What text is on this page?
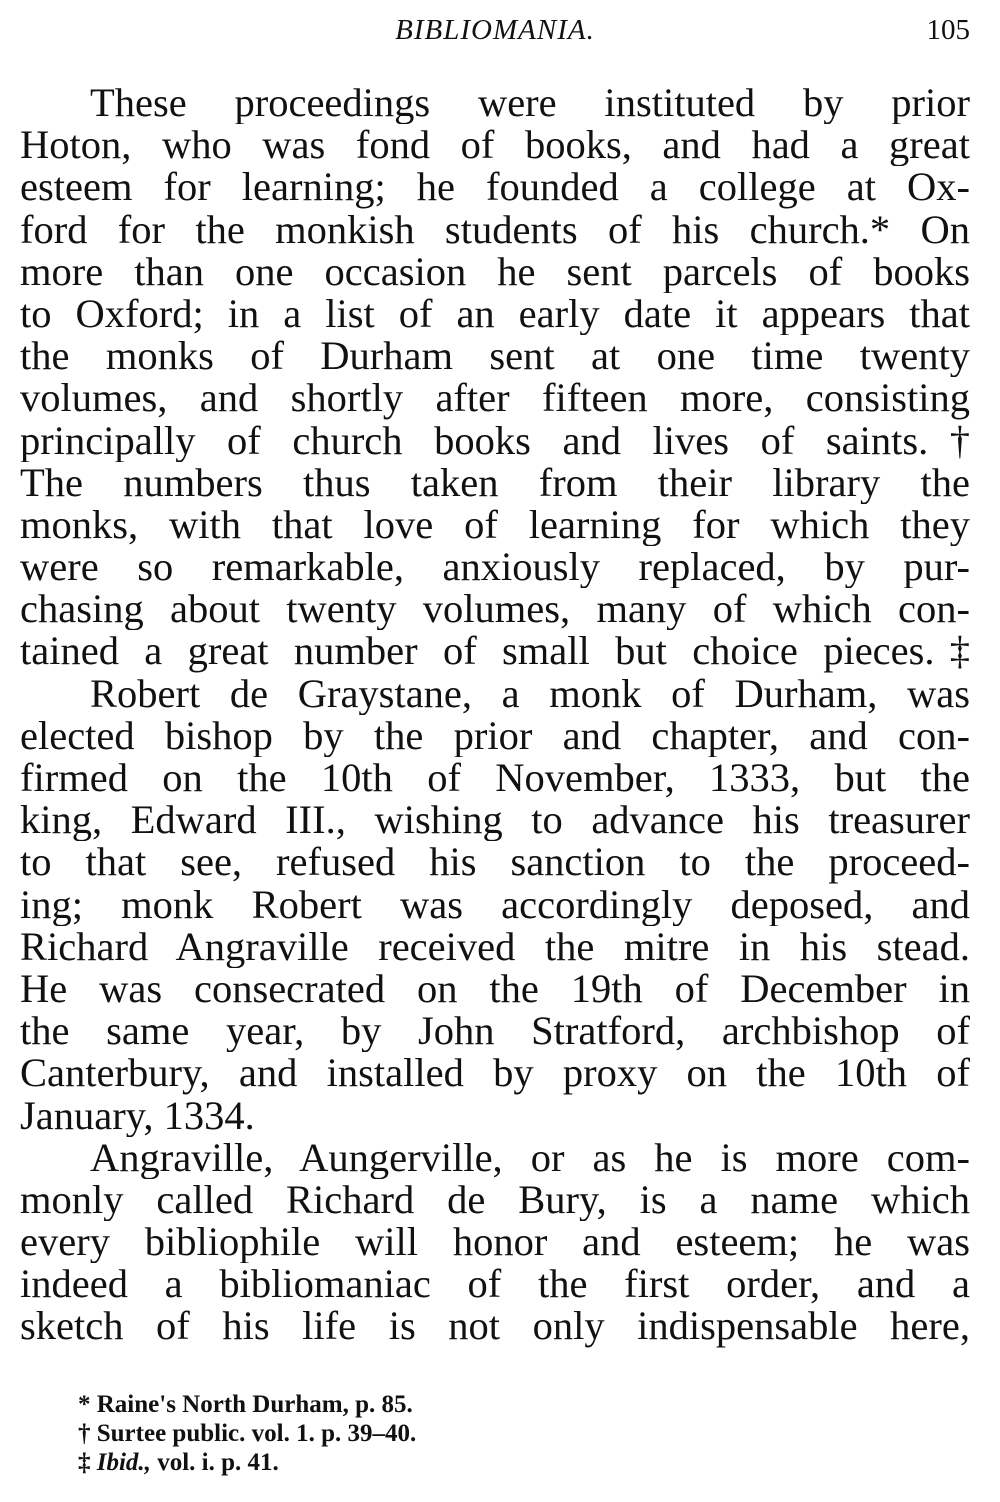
BIBLIOMANIA.	105
These proceedings were instituted by prior
Hoton, who was fond of books, and had a great
esteem for learning; he founded a college at Ox-
ford for the monkish students of his church.* On
more than one occasion he sent parcels of books
to Oxford; in a list of an early date it appears that
the monks of Durham sent at one time twenty
volumes, and shortly after fifteen more, consisting
principally of church books and lives of saints.†
The numbers thus taken from their library the
monks, with that love of learning for which they
were so remarkable, anxiously replaced, by pur-
chasing about twenty volumes, many of which con-
tained a great number of small but choice pieces.‡
Robert de Graystane, a monk of Durham, was
elected bishop by the prior and chapter, and con-
firmed on the 10th of November, 1333, but the
king, Edward III., wishing to advance his treasurer
to that see, refused his sanction to the proceed-
ing; monk Robert was accordingly deposed, and
Richard Angraville received the mitre in his stead.
He was consecrated on the 19th of December in
the same year, by John Stratford, archbishop of
Canterbury, and installed by proxy on the 10th of
January, 1334.
Angraville, Aungerville, or as he is more com-
monly called Richard de Bury, is a name which
every bibliophile will honor and esteem; he was
indeed a bibliomaniac of the first order, and a
sketch of his life is not only indispensable here,
* Raine's North Durham, p. 85.
† Surtee public. vol. 1. p. 39–40.
‡ Ibid., vol. i. p. 41.
